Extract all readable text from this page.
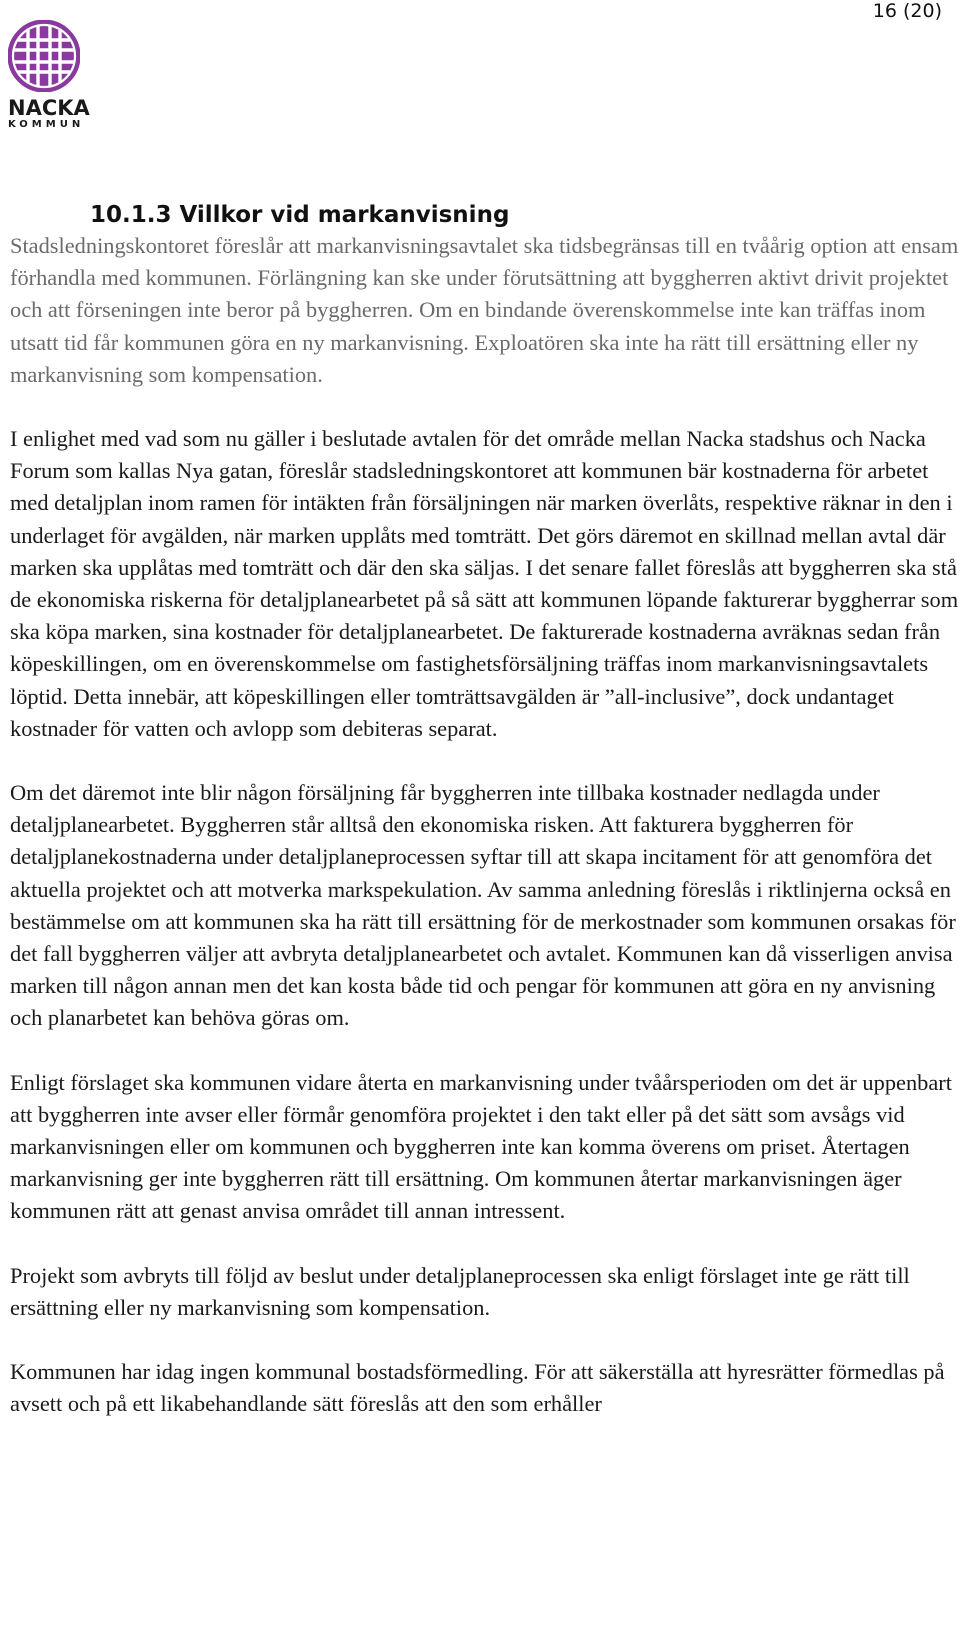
16 (20)
NACKA
KOMMUN
10.1.3 Villkor vid markanvisning

Stadsledningskontoret föreslår att markanvisningsavtalet ska tidsbegränsas till en tvåårig option att ensam förhandla med kommunen. Förlängning kan ske under förutsättning att byggherren aktivt drivit projektet och att förseningen inte beror på byggherren. Om en bindande överenskommelse inte kan träffas inom utsatt tid får kommunen göra en ny markanvisning. Exploatören ska inte ha rätt till ersättning eller ny markanvisning som kompensation.

I enlighet med vad som nu gäller i beslutade avtalen för det område mellan Nacka stadshus och Nacka Forum som kallas Nya gatan, föreslår stadsledningskontoret att kommunen bär kostnaderna för arbetet med detaljplan inom ramen för intäkten från försäljningen när marken överlåts, respektive räknar in den i underlaget för avgälden, när marken upplåts med tomträtt. Det görs däremot en skillnad mellan avtal där marken ska upplåtas med tomträtt och där den ska säljas. I det senare fallet föreslås att byggherren ska stå de ekonomiska riskerna för detaljplanearbetet på så sätt att kommunen löpande fakturerar byggherrar som ska köpa marken, sina kostnader för detaljplanearbetet. De fakturerade kostnaderna avräknas sedan från köpeskillingen, om en överenskommelse om fastighetsförsäljning träffas inom markanvisningsavtalets löptid. Detta innebär, att köpeskillingen eller tomträttsavgälden är ”all-inclusive”, dock undantaget kostnader för vatten och avlopp som debiteras separat.

Om det däremot inte blir någon försäljning får byggherren inte tillbaka kostnader nedlagda under detaljplanearbetet. Byggherren står alltså den ekonomiska risken. Att fakturera byggherren för detaljplanekostnaderna under detaljplaneprocessen syftar till att skapa incitament för att genomföra det aktuella projektet och att motverka markspekulation. Av samma anledning föreslås i riktlinjerna också en bestämmelse om att kommunen ska ha rätt till ersättning för de merkostnader som kommunen orsakas för det fall byggherren väljer att avbryta detaljplanearbetet och avtalet. Kommunen kan då visserligen anvisa marken till någon annan men det kan kosta både tid och pengar för kommunen att göra en ny anvisning och planarbetet kan behöva göras om.

Enligt förslaget ska kommunen vidare återta en markanvisning under tvåårsperioden om det är uppenbart att byggherren inte avser eller förmår genomföra projektet i den takt eller på det sätt som avsågs vid markanvisningen eller om kommunen och byggherren inte kan komma överens om priset. Återtagen markanvisning ger inte byggherren rätt till ersättning. Om kommunen återtar markanvisningen äger kommunen rätt att genast anvisa området till annan intressent.

Projekt som avbryts till följd av beslut under detaljplaneprocessen ska enligt förslaget inte ge rätt till ersättning eller ny markanvisning som kompensation.

Kommunen har idag ingen kommunal bostadsförmedling. För att säkerställa att hyresrätter förmedlas på avsett och på ett likabehandlande sätt föreslås att den som erhåller
